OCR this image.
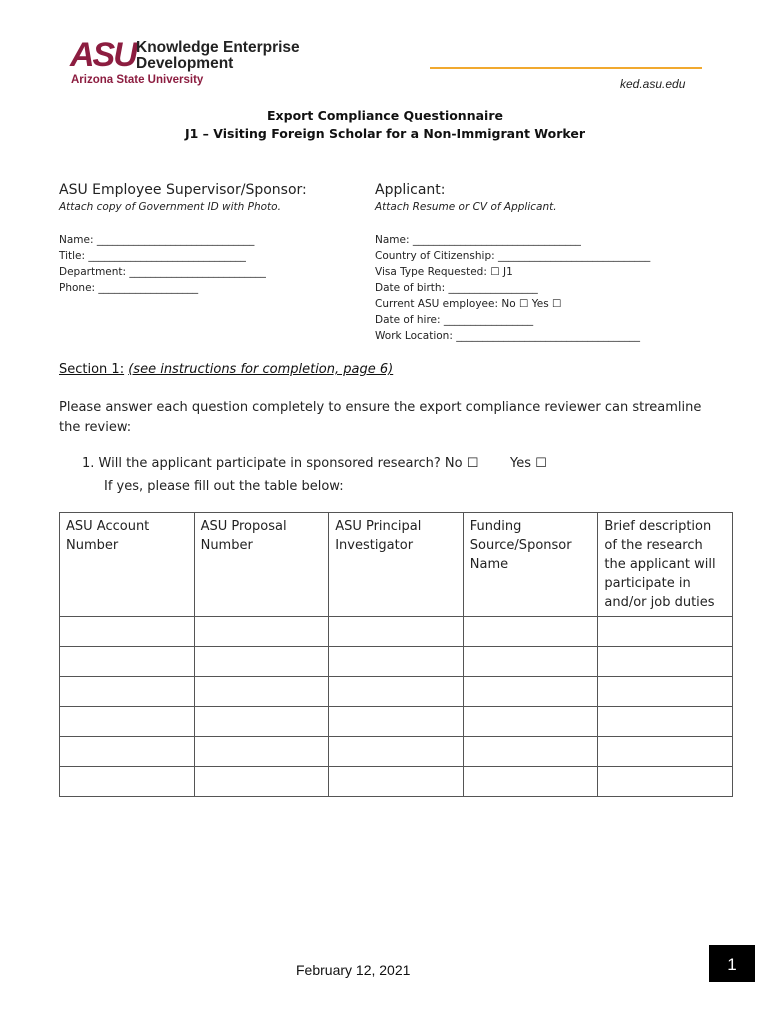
ASU Knowledge Enterprise
Development
Arizona State University	ked.asu.edu
Export Compliance Questionnaire
J1 – Visiting Foreign Scholar for a Non-Immigrant Worker
ASU Employee Supervisor/Sponsor:
Attach copy of Government ID with Photo.
Name: ______________________________
Title: ______________________________
Department: __________________________
Phone: ___________________
Applicant:
Attach Resume or CV of Applicant.
Name: ________________________________
Country of Citizenship: _____________________________
Visa Type Requested: ☐ J1
Date of birth: _________________
Current ASU employee: No ☐ Yes ☐
Date of hire: _________________
Work Location: ___________________________________
Section 1: (see instructions for completion, page 6)
Please answer each question completely to ensure the export compliance reviewer can streamline the review:
1. Will the applicant participate in sponsored research? No ☐ Yes ☐
If yes, please fill out the table below:
ASU Account Number	ASU Proposal Number	ASU Principal Investigator	Funding Source/Sponsor Name	Brief description of the research the applicant will participate in and/or job duties

February 12, 2021	1
